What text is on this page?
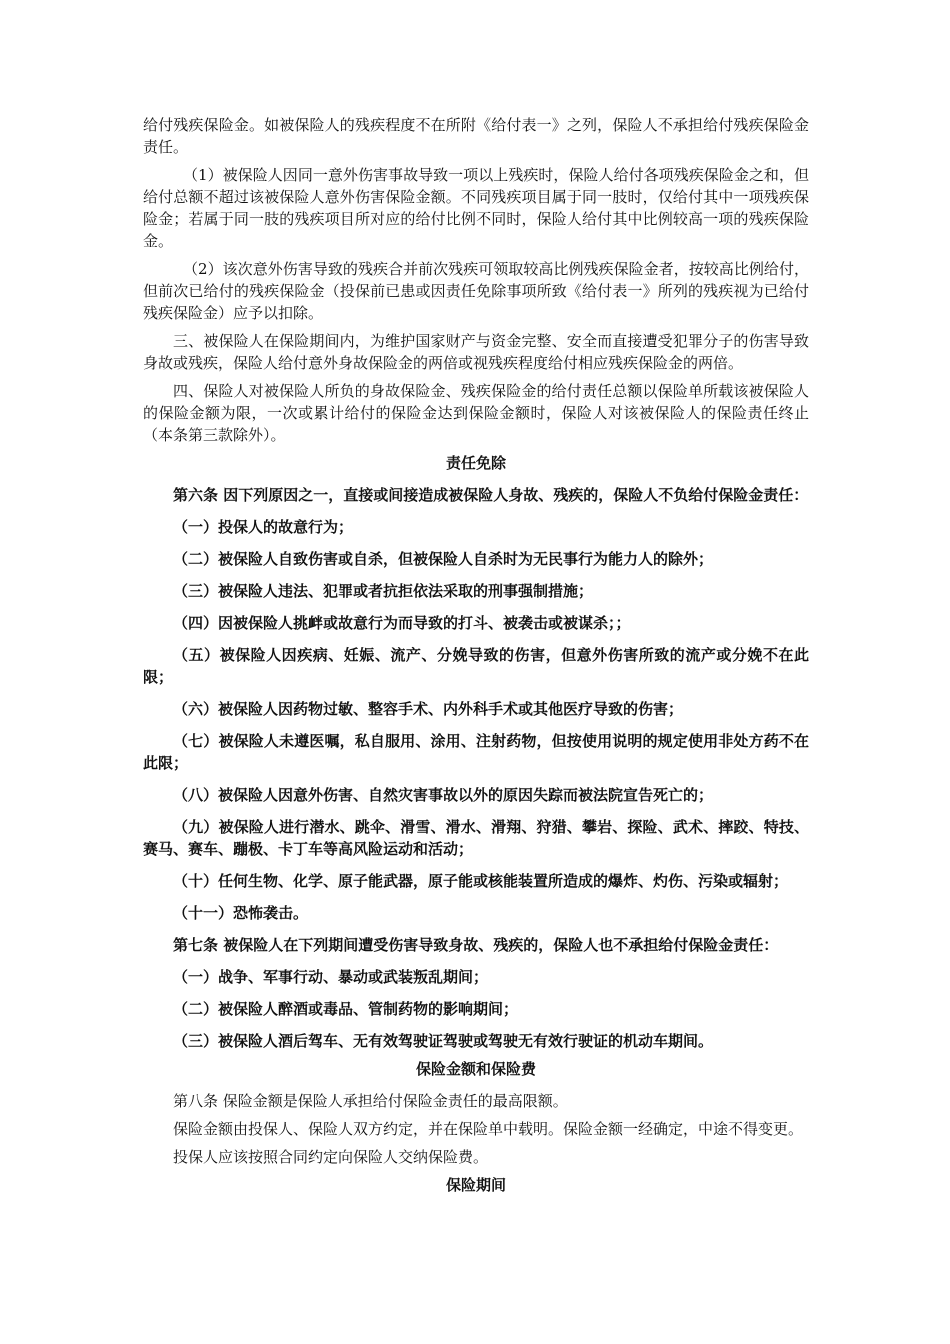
给付残疾保险金。如被保险人的残疾程度不在所附《给付表一》之列，保险人不承担给付残疾保险金责任。

（1）被保险人因同一意外伤害事故导致一项以上残疾时，保险人给付各项残疾保险金之和，但给付总额不超过该被保险人意外伤害保险金额。不同残疾项目属于同一肢时，仅给付其中一项残疾保险金；若属于同一肢的残疾项目所对应的给付比例不同时，保险人给付其中比例较高一项的残疾保险金。

（2）该次意外伤害导致的残疾合并前次残疾可领取较高比例残疾保险金者，按较高比例给付，但前次已给付的残疾保险金（投保前已患或因责任免除事项所致《给付表一》所列的残疾视为已给付残疾保险金）应予以扣除。

三、被保险人在保险期间内，为维护国家财产与资金完整、安全而直接遭受犯罪分子的伤害导致身故或残疾，保险人给付意外身故保险金的两倍或视残疾程度给付相应残疾保险金的两倍。

四、保险人对被保险人所负的身故保险金、残疾保险金的给付责任总额以保险单所载该被保险人的保险金额为限，一次或累计给付的保险金达到保险金额时，保险人对该被保险人的保险责任终止（本条第三款除外）。

责任免除

第六条 因下列原因之一，直接或间接造成被保险人身故、残疾的，保险人不负给付保险金责任：

（一）投保人的故意行为；

（二）被保险人自致伤害或自杀，但被保险人自杀时为无民事行为能力人的除外；

（三）被保险人违法、犯罪或者抗拒依法采取的刑事强制措施；

（四）因被保险人挑衅或故意行为而导致的打斗、被袭击或被谋杀；；

（五）被保险人因疾病、妊娠、流产、分娩导致的伤害，但意外伤害所致的流产或分娩不在此限；

（六）被保险人因药物过敏、整容手术、内外科手术或其他医疗导致的伤害；

（七）被保险人未遵医嘱，私自服用、涂用、注射药物，但按使用说明的规定使用非处方药不在此限；

（八）被保险人因意外伤害、自然灾害事故以外的原因失踪而被法院宣告死亡的；

（九）被保险人进行潜水、跳伞、滑雪、滑水、滑翔、狩猎、攀岩、探险、武术、摔跤、特技、赛马、赛车、蹦极、卡丁车等高风险运动和活动；

（十）任何生物、化学、原子能武器，原子能或核能装置所造成的爆炸、灼伤、污染或辐射；

（十一）恐怖袭击。

第七条 被保险人在下列期间遭受伤害导致身故、残疾的，保险人也不承担给付保险金责任：

（一）战争、军事行动、暴动或武装叛乱期间；

（二）被保险人醉酒或毒品、管制药物的影响期间；

（三）被保险人酒后驾车、无有效驾驶证驾驶或驾驶无有效行驶证的机动车期间。

保险金额和保险费

第八条 保险金额是保险人承担给付保险金责任的最高限额。

保险金额由投保人、保险人双方约定，并在保险单中载明。保险金额一经确定，中途不得变更。

投保人应该按照合同约定向保险人交纳保险费。

保险期间
